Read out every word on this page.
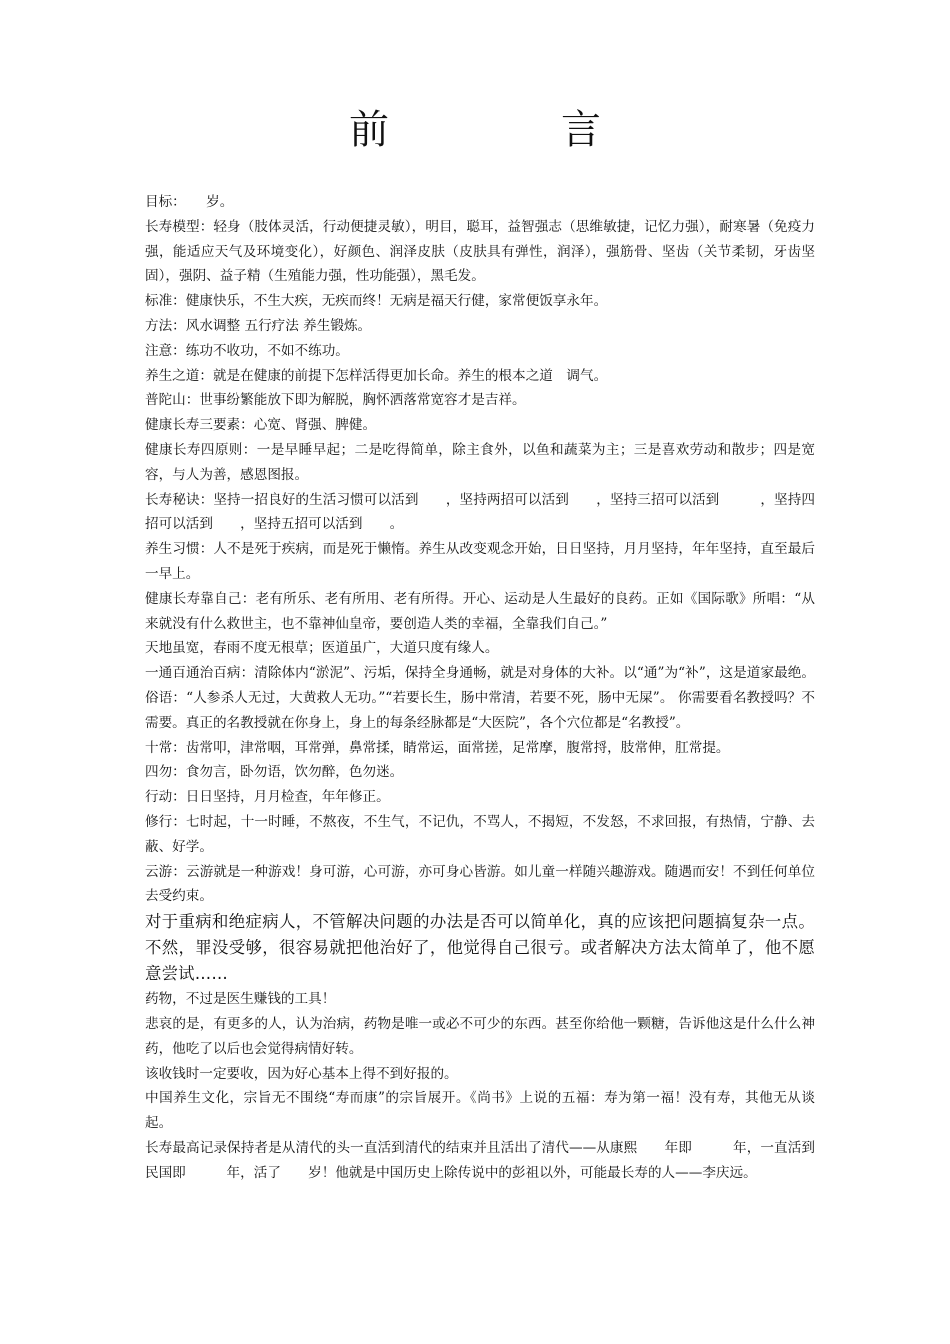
前　言

目标：　　岁。

长寿模型：轻身（肢体灵活，行动便捷灵敏），明目，聪耳，益智强志（思维敏捷，记忆力强），耐寒暑（免疫力强，能适应天气及环境变化），好颜色、润泽皮肤（皮肤具有弹性，润泽），强筋骨、坚齿（关节柔韧，牙齿坚固），强阴、益子精（生殖能力强，性功能强），黑毛发。

标准：健康快乐，不生大疾，无疾而终！无病是福天行健，家常便饭享永年。

方法：风水调整 五行疗法 养生锻炼。

注意：练功不收功，不如不练功。

养生之道：就是在健康的前提下怎样活得更加长命。养生的根本之道　调气。

普陀山：世事纷繁能放下即为解脱，胸怀洒落常宽容才是吉祥。

健康长寿三要素：心宽、肾强、脾健。

健康长寿四原则：一是早睡早起；二是吃得简单，除主食外，以鱼和蔬菜为主；三是喜欢劳动和散步；四是宽容，与人为善，感恩图报。

长寿秘诀：坚持一招良好的生活习惯可以活到　　，坚持两招可以活到　　，坚持三招可以活到　　　，坚持四招可以活到　　，坚持五招可以活到　　。

养生习惯：人不是死于疾病，而是死于懒惰。养生从改变观念开始，日日坚持，月月坚持，年年坚持，直至最后一早上。

健康长寿靠自己：老有所乐、老有所用、老有所得。开心、运动是人生最好的良药。正如《国际歌》所唱：“从来就没有什么救世主，也不靠神仙皇帝，要创造人类的幸福，全靠我们自己。”

天地虽宽，春雨不度无根草；医道虽广，大道只度有缘人。

一通百通治百病：清除体内“淤泥”、污垢，保持全身通畅，就是对身体的大补。以“通”为“补”，这是道家最绝。俗语：“人参杀人无过，大黄救人无功。”“若要长生，肠中常清，若要不死，肠中无屎”。 你需要看名教授吗？不需要。真正的名教授就在你身上，身上的每条经脉都是“大医院”，各个穴位都是“名教授”。

十常：齿常叩，津常咽，耳常弹，鼻常揉，睛常运，面常搓，足常摩，腹常捋，肢常伸，肛常提。

四勿：食勿言，卧勿语，饮勿醉，色勿迷。

行动：日日坚持，月月检查，年年修正。

修行：七时起，十一时睡，不熬夜，不生气，不记仇，不骂人，不揭短，不发怒，不求回报，有热情，宁静、去蔽、好学。

云游：云游就是一种游戏！身可游，心可游，亦可身心皆游。如儿童一样随兴趣游戏。随遇而安！不到任何单位去受约束。

对于重病和绝症病人，不管解决问题的办法是否可以简单化，真的应该把问题搞复杂一点。不然，罪没受够，很容易就把他治好了，他觉得自己很亏。或者解决方法太简单了，他不愿意尝试……

药物，不过是医生赚钱的工具！

悲哀的是，有更多的人，认为治病，药物是唯一或必不可少的东西。甚至你给他一颗糖，告诉他这是什么什么神药，他吃了以后也会觉得病情好转。

该收钱时一定要收，因为好心基本上得不到好报的。

中国养生文化，宗旨无不围绕“寿而康”的宗旨展开。《尚书》上说的五福：寿为第一福！没有寿，其他无从谈起。

长寿最高记录保持者是从清代的头一直活到清代的结束并且活出了清代——从康熙　　年即　　　年，一直活到民国即　　　年，活了　　岁！他就是中国历史上除传说中的彭祖以外，可能最长寿的人——李庆远。
